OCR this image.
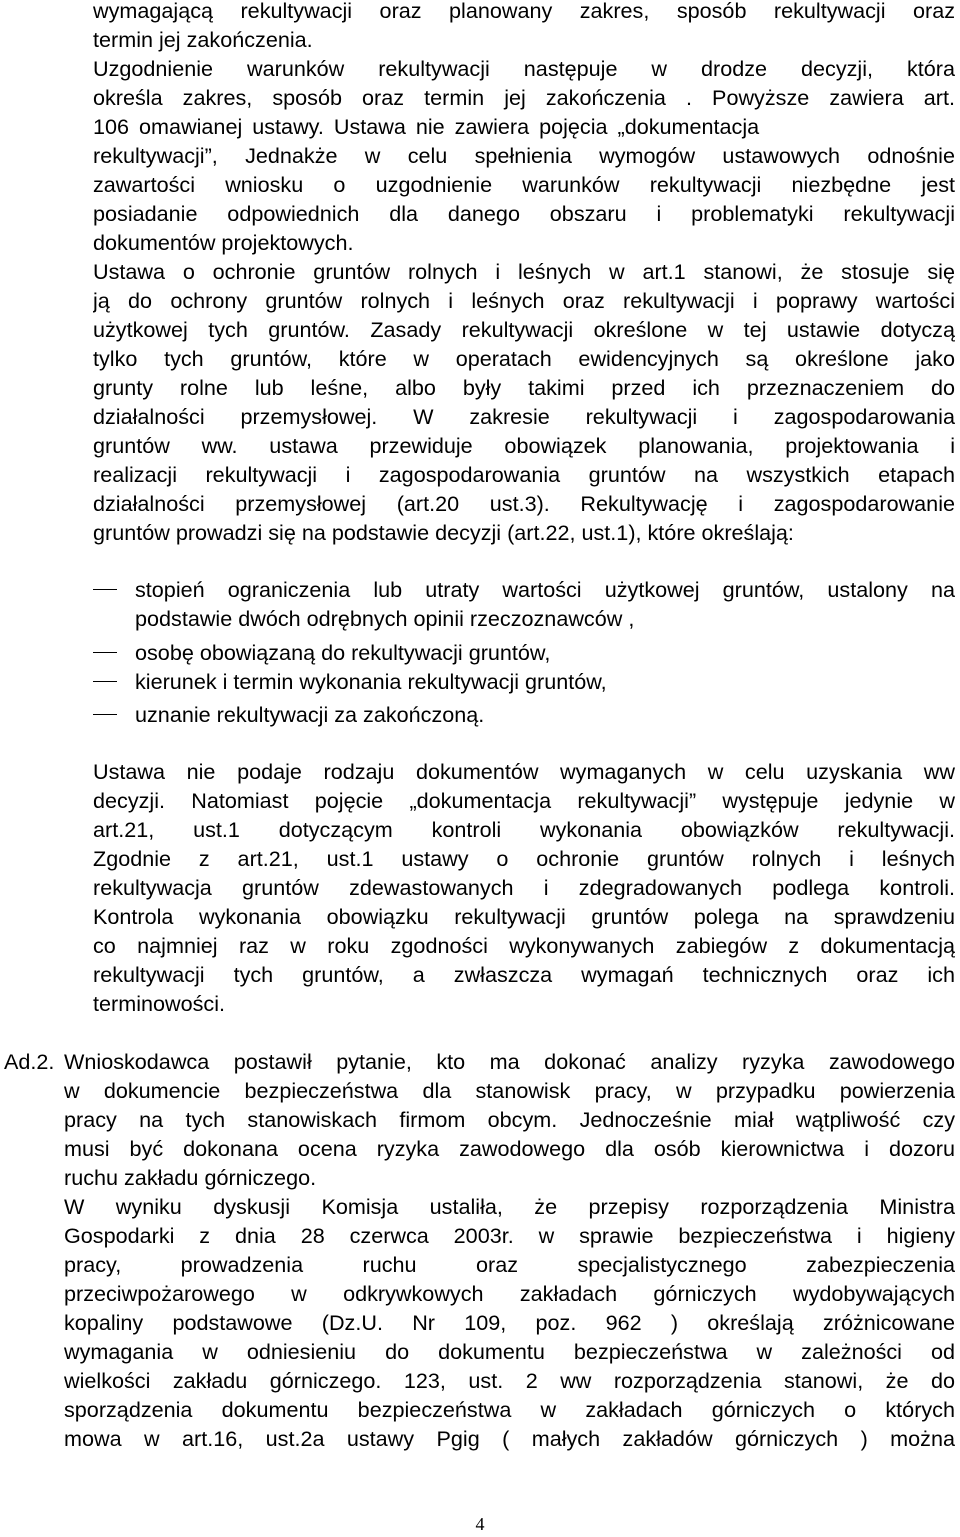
wymagającą rekultywacji oraz planowany zakres, sposób rekultywacji oraz
termin jej zakończenia.
Uzgodnienie warunków rekultywacji następuje w drodze decyzji, która
określa zakres, sposób oraz termin jej zakończenia . Powyższe zawiera art.
106 omawianej ustawy. Ustawa nie zawiera pojęcia „dokumentacja
rekultywacji”, Jednakże w celu spełnienia wymogów ustawowych odnośnie
zawartości wniosku o uzgodnienie warunków rekultywacji niezbędne jest
posiadanie odpowiednich dla danego obszaru i problematyki rekultywacji
dokumentów projektowych.
Ustawa o ochronie gruntów rolnych i leśnych w art.1 stanowi, że stosuje się
ją do ochrony gruntów rolnych i leśnych oraz rekultywacji i poprawy wartości
użytkowej tych gruntów. Zasady rekultywacji określone w tej ustawie dotyczą
tylko tych gruntów, które w operatach ewidencyjnych są określone jako
grunty rolne lub leśne, albo były takimi przed ich przeznaczeniem do
działalności przemysłowej. W zakresie rekultywacji i zagospodarowania
gruntów ww. ustawa przewiduje obowiązek planowania, projektowania i
realizacji rekultywacji i zagospodarowania gruntów na wszystkich etapach
działalności przemysłowej (art.20 ust.3). Rekultywację i zagospodarowanie
gruntów prowadzi się na podstawie decyzji (art.22, ust.1), które określają:
stopień ograniczenia lub utraty wartości użytkowej gruntów, ustalony na
podstawie dwóch odrębnych opinii rzeczoznawców ,
osobę obowiązaną do rekultywacji gruntów,
kierunek i termin wykonania rekultywacji gruntów,
uznanie rekultywacji za zakończoną.
Ustawa nie podaje rodzaju dokumentów wymaganych w celu uzyskania ww
decyzji. Natomiast pojęcie „dokumentacja rekultywacji” występuje jedynie w
art.21, ust.1 dotyczącym kontroli wykonania obowiązków rekultywacji.
Zgodnie z art.21, ust.1 ustawy o ochronie gruntów rolnych i leśnych
rekultywacja gruntów zdewastowanych i zdegradowanych podlega kontroli.
Kontrola wykonania obowiązku rekultywacji gruntów polega na sprawdzeniu
co najmniej raz w roku zgodności wykonywanych zabiegów z dokumentacją
rekultywacji tych gruntów, a zwłaszcza wymagań technicznych oraz ich
terminowości.
Ad.2. Wnioskodawca postawił pytanie, kto ma dokonać analizy ryzyka zawodowego
w dokumencie bezpieczeństwa dla stanowisk pracy, w przypadku powierzenia
pracy na tych stanowiskach firmom obcym. Jednocześnie miał wątpliwość czy
musi być dokonana ocena ryzyka zawodowego dla osób kierownictwa i dozoru
ruchu zakładu górniczego.
W wyniku dyskusji Komisja ustaliła, że przepisy rozporządzenia Ministra
Gospodarki z dnia 28 czerwca 2003r. w sprawie bezpieczeństwa i higieny
pracy, prowadzenia ruchu oraz specjalistycznego zabezpieczenia
przeciwpożarowego w odkrywkowych zakładach górniczych wydobywających
kopaliny podstawowe (Dz.U. Nr 109, poz. 962 ) określają zróżnicowane
wymagania w odniesieniu do dokumentu bezpieczeństwa w zależności od
wielkości zakładu górniczego. 123, ust. 2 ww rozporządzenia stanowi, że do
sporządzenia dokumentu bezpieczeństwa w zakładach górniczych o których
mowa w art.16, ust.2a ustawy Pgig ( małych zakładów górniczych ) można
4
